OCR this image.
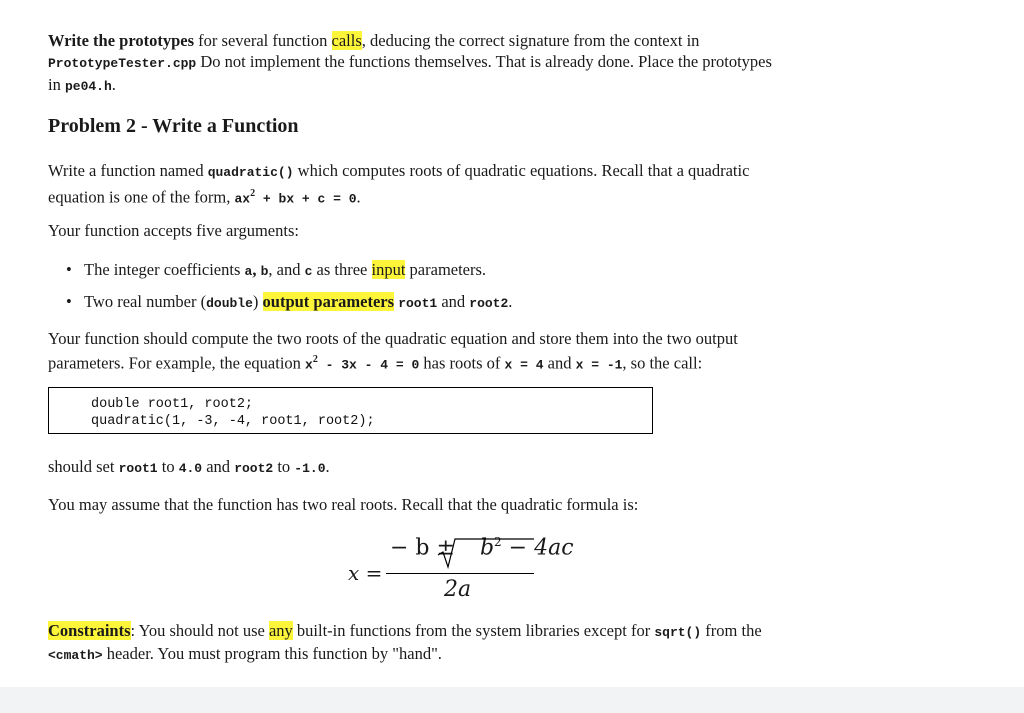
Write the prototypes for several function calls, deducing the correct signature from the context in
PrototypeTester.cpp Do not implement the functions themselves. That is already done. Place the prototypes
in pe04.h.

Problem 2 - Write a Function

Write a function named quadratic() which computes roots of quadratic equations. Recall that a quadratic
equation is one of the form, $ax^2$ + bx + c = 0.

Your function accepts five arguments:

• The integer coefficients a, b, and c as three input parameters.
• Two real number (double) output parameters root1 and root2.

Your function should compute the two roots of the quadratic equation and store them into the two output
parameters. For example, the equation $x^2 - 3x - 4 = 0$ has roots of x = 4 and x = -1, so the call:

double root1, root2;
quadratic(1, -3, -4, root1, root2);

should set root1 to 4.0 and root2 to -1.0.

You may assume that the function has two real roots. Recall that the quadratic formula is:

x =
− $b \pm b^2 - 4ac$
2a

Constraints: You should not use any built-in functions from the system libraries except for sqrt() from the
<cmath> header. You must program this function by "hand".
